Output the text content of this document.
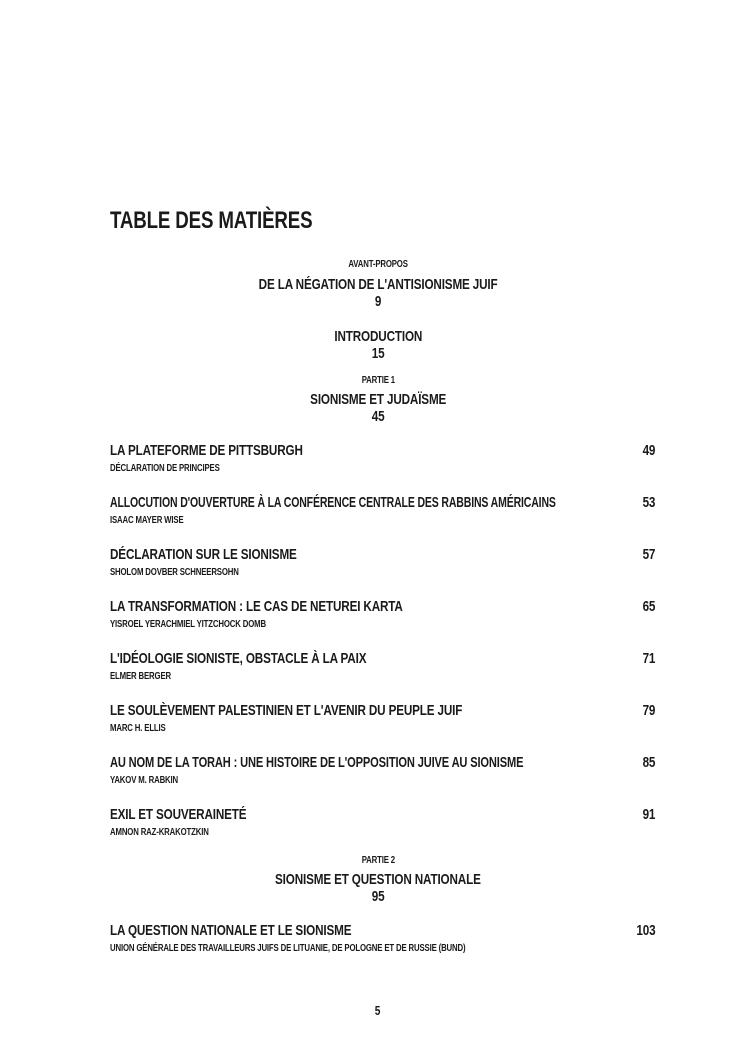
TABLE DES MATIÈRES
AVANT-PROPOS
DE LA NÉGATION DE L'ANTISIONISME JUIF
9
INTRODUCTION
15
PARTIE 1
SIONISME ET JUDAÏSME
45
LA PLATEFORME DE PITTSBURGH
DÉCLARATION DE PRINCIPES
49
ALLOCUTION D'OUVERTURE À LA CONFÉRENCE CENTRALE DES RABBINS AMÉRICAINS
ISAAC MAYER WISE
53
DÉCLARATION SUR LE SIONISME
SHOLOM DOVBER SCHNEERSOHN
57
LA TRANSFORMATION : LE CAS DE NETUREI KARTA
YISROEL YERACHMIEL YITZCHOCK DOMB
65
L'IDÉOLOGIE SIONISTE, OBSTACLE À LA PAIX
ELMER BERGER
71
LE SOULÈVEMENT PALESTINIEN ET L'AVENIR DU PEUPLE JUIF
MARC H. ELLIS
79
AU NOM DE LA TORAH : UNE HISTOIRE DE L'OPPOSITION JUIVE AU SIONISME
YAKOV M. RABKIN
85
EXIL ET SOUVERAINETÉ
AMNON RAZ-KRAKOTZKIN
91
PARTIE 2
SIONISME ET QUESTION NATIONALE
95
LA QUESTION NATIONALE ET LE SIONISME
UNION GÉNÉRALE DES TRAVAILLEURS JUIFS DE LITUANIE, DE POLOGNE ET DE RUSSIE (BUND)
103
5
